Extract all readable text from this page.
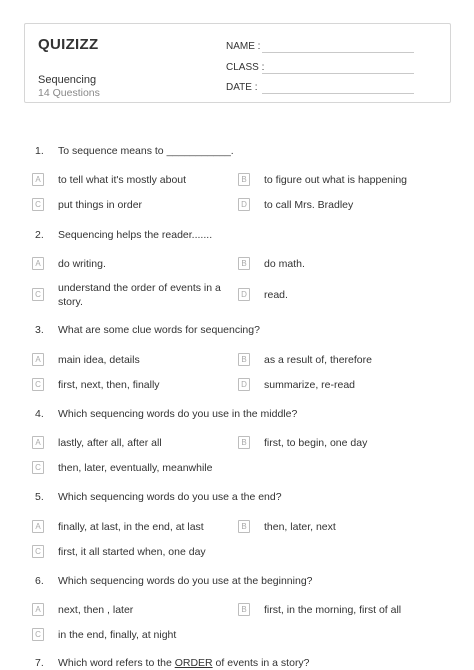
QUIZIZZ
Sequencing
14 Questions
NAME :
CLASS :
DATE :
1. To sequence means to ___________.
A	to tell what it's mostly about	B	to figure out what is happening
C put things in order	D to call Mrs. Bradley
2. Sequencing helps the reader.......
A	do writing.	B	do math.
C
understand the order of events in a story.
D read.
3. What are some clue words for sequencing?
A	main idea, details	B	as a result of, therefore
C first, next, then, finally	D summarize, re-read
4. Which sequencing words do you use in the middle?
A	lastly, after all, after all	B	first, to begin, one day
C then, later, eventually, meanwhile
5. Which sequencing words do you use a the end?
A	finally, at last, in the end, at last	B	then, later, next
C first, it all started when, one day
6. Which sequencing words do you use at the beginning?
A	next, then , later	B	first, in the morning, first of all
C in the end, finally, at night
7. Which word refers to the ORDER of events in a story?
